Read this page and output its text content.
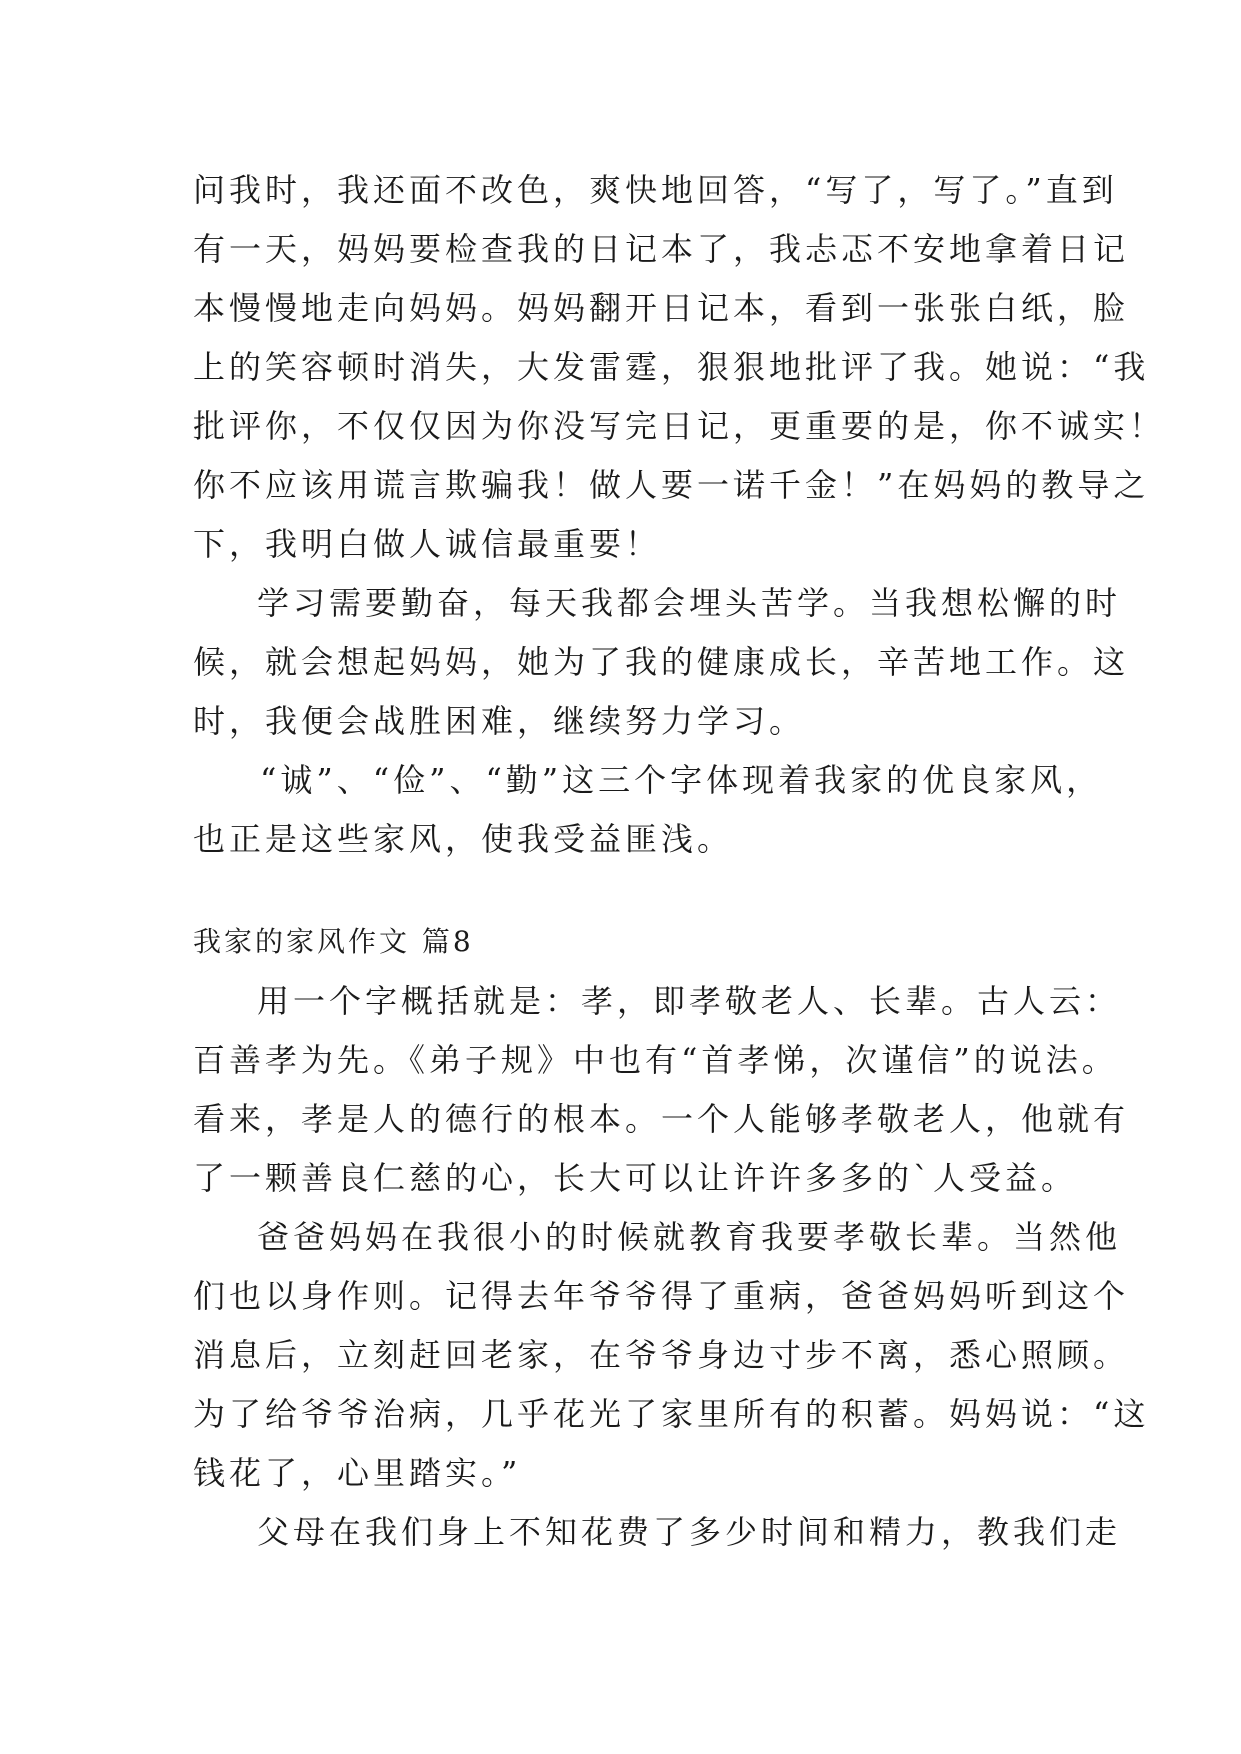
问我时，我还面不改色，爽快地回答，“写了，写了。”直到

有一天，妈妈要检查我的日记本了，我忐忑不安地拿着日记

本慢慢地走向妈妈。妈妈翻开日记本，看到一张张白纸，脸

上的笑容顿时消失，大发雷霆，狠狠地批评了我。她说：“我

批评你，不仅仅因为你没写完日记，更重要的是，你不诚实！

你不应该用谎言欺骗我！做人要一诺千金！”在妈妈的教导之

下，我明白做人诚信最重要！

学习需要勤奋，每天我都会埋头苦学。当我想松懈的时

候，就会想起妈妈，她为了我的健康成长，辛苦地工作。这

时，我便会战胜困难，继续努力学习。

“诚”、“俭”、“勤”这三个字体现着我家的优良家风，

也正是这些家风，使我受益匪浅。

我家的家风作文 篇8

用一个字概括就是：孝，即孝敬老人、长辈。古人云：

百善孝为先。《弟子规》中也有“首孝悌，次谨信”的说法。

看来，孝是人的德行的根本。一个人能够孝敬老人，他就有

了一颗善良仁慈的心，长大可以让许许多多的`人受益。

爸爸妈妈在我很小的时候就教育我要孝敬长辈。当然他

们也以身作则。记得去年爷爷得了重病，爸爸妈妈听到这个

消息后，立刻赶回老家，在爷爷身边寸步不离，悉心照顾。

为了给爷爷治病，几乎花光了家里所有的积蓄。妈妈说：“这

钱花了，心里踏实。”

父母在我们身上不知花费了多少时间和精力，教我们走
